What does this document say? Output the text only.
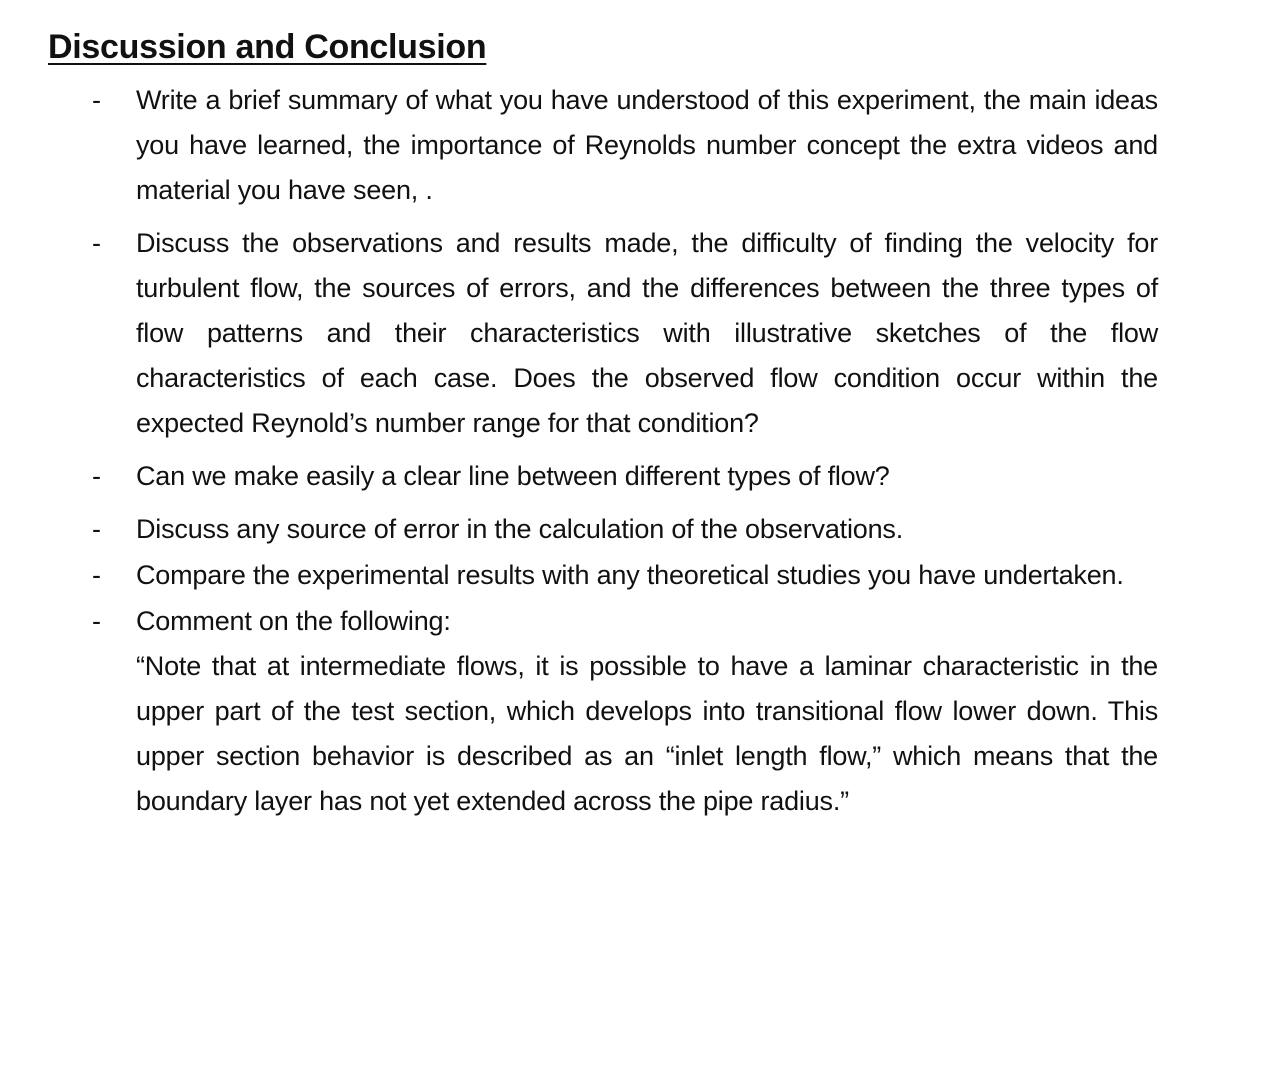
Discussion and Conclusion
- Write a brief summary of what you have understood of this experiment, the main ideas you have learned, the importance of Reynolds number concept the extra videos and material you have seen, .
- Discuss the observations and results made, the difficulty of finding the velocity for turbulent flow, the sources of errors, and the differences between the three types of flow patterns and their characteristics with illustrative sketches of the flow characteristics of each case. Does the observed flow condition occur within the expected Reynold’s number range for that condition?
- Can we make easily a clear line between different types of flow?
- Discuss any source of error in the calculation of the observations.
- Compare the experimental results with any theoretical studies you have undertaken.
- Comment on the following:
“Note that at intermediate flows, it is possible to have a laminar characteristic in the upper part of the test section, which develops into transitional flow lower down. This upper section behavior is described as an “inlet length flow,” which means that the boundary layer has not yet extended across the pipe radius.”
